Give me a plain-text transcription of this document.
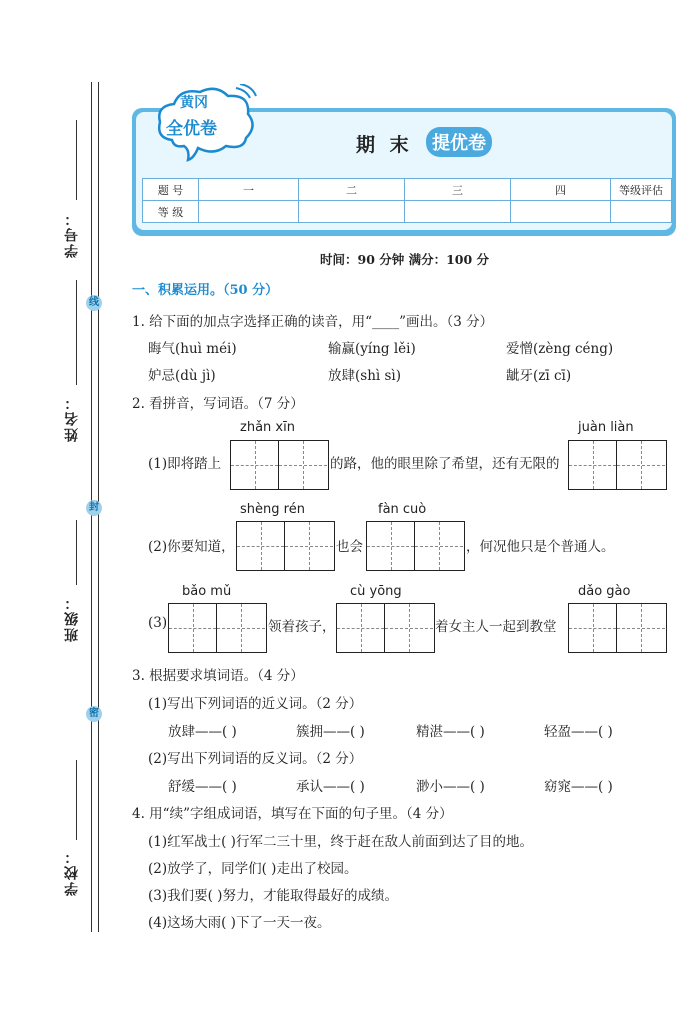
学号：
线
姓名：
封
班级：
密
学校：
黄冈
全优卷
期 末	提优卷
题 号	一	二	三	四	等级评估
等 级					
时间：90 分钟 满分：100 分
一、积累运用。（50 分）
1. 给下面的加点字选择正确的读音，用“____”画出。（3 分）
晦气(huì méi)	输赢(yíng lěi)	爱憎(zèng céng)
妒忌(dù jì)	放肆(shì sì)	龇牙(zī cī)
2. 看拼音，写词语。（7 分）
zhǎn xīn
(1)即将踏上	的路，他的眼里除了希望，还有无限的
juàn liàn
shèng rén
(2)你要知道，	也会
fàn cuò
，何况他只是个普通人。
bǎo mǔ
(3)	领着孩子，
cù yōng
着女主人一起到教堂
dǎo gào
3. 根据要求填词语。（4 分）
(1)写出下列词语的近义词。（2 分）
放肆——( )	簇拥——( )	精湛——( )	轻盈——( )
(2)写出下列词语的反义词。（2 分）
舒缓——( )	承认——( )	渺小——( )	窈窕——( )
4. 用“续”字组成词语，填写在下面的句子里。（4 分）
(1)红军战士( )行军二三十里，终于赶在敌人前面到达了目的地。
(2)放学了，同学们( )走出了校园。
(3)我们要( )努力，才能取得最好的成绩。
(4)这场大雨( )下了一天一夜。
